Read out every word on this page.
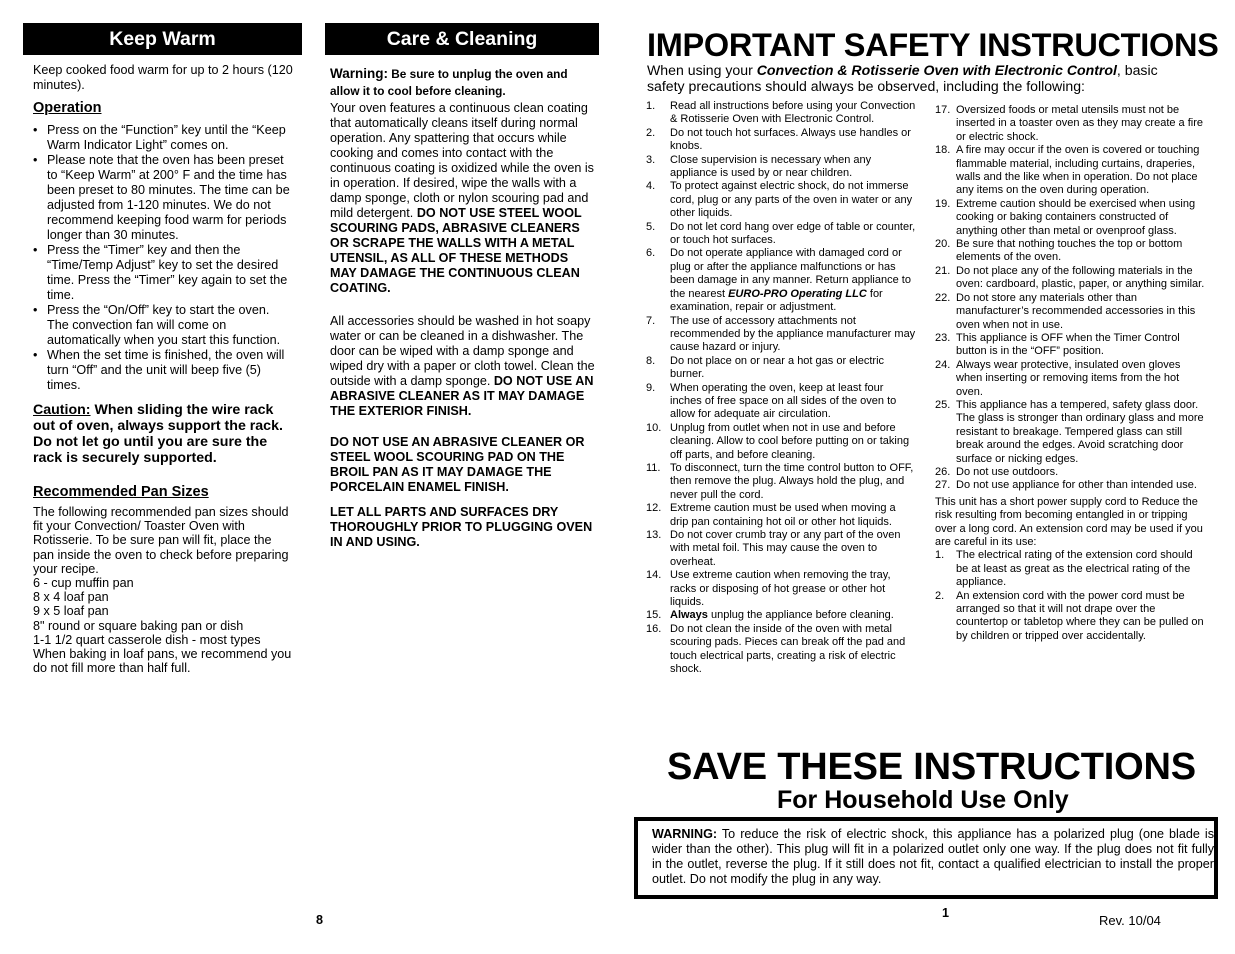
Keep Warm

Keep cooked food warm for up to 2 hours (120 minutes).

Operation

• Press on the “Function” key until the “Keep Warm Indicator Light” comes on.
• Please note that the oven has been preset to “Keep Warm” at 200° F and the time has been preset to 80 minutes. The time can be adjusted from 1-120 minutes. We do not recommend keeping food warm for periods longer than 30 minutes.
• Press the “Timer” key and then the “Time/Temp Adjust” key to set the desired time. Press the “Timer” key again to set the time.
• Press the “On/Off” key to start the oven. The convection fan will come on automatically when you start this function.
• When the set time is finished, the oven will turn “Off” and the unit will beep five (5) times.

Caution: When sliding the wire rack out of oven, always support the rack. Do not let go until you are sure the rack is securely supported.

Recommended Pan Sizes

The following recommended pan sizes should fit your Convection/ Toaster Oven with Rotisserie. To be sure pan will fit, place the pan inside the oven to check before preparing your recipe.

6 - cup muffin pan
8 x 4 loaf pan
9 x 5 loaf pan
8" round or square baking pan or dish
1-1 1/2 quart casserole dish - most types

When baking in loaf pans, we recommend you do not fill more than half full.

Care & Cleaning

Warning: Be sure to unplug the oven and allow it to cool before cleaning.

Your oven features a continuous clean coating that automatically cleans itself during normal operation. Any spattering that occurs while cooking and comes into contact with the continuous coating is oxidized while the oven is in operation. If desired, wipe the walls with a damp sponge, cloth or nylon scouring pad and mild detergent. DO NOT USE STEEL WOOL SCOURING PADS, ABRASIVE CLEANERS OR SCRAPE THE WALLS WITH A METAL UTENSIL, AS ALL OF THESE METHODS MAY DAMAGE THE CONTINUOUS CLEAN COATING.

All accessories should be washed in hot soapy water or can be cleaned in a dishwasher. The door can be wiped with a damp sponge and wiped dry with a paper or cloth towel. Clean the outside with a damp sponge. DO NOT USE AN ABRASIVE CLEANER AS IT MAY DAMAGE THE EXTERIOR FINISH.

DO NOT USE AN ABRASIVE CLEANER OR STEEL WOOL SCOURING PAD ON THE BROIL PAN AS IT MAY DAMAGE THE PORCELAIN ENAMEL FINISH.

LET ALL PARTS AND SURFACES DRY THOROUGHLY PRIOR TO PLUGGING OVEN IN AND USING.

IMPORTANT SAFETY INSTRUCTIONS

When using your Convection & Rotisserie Oven with Electronic Control, basic safety precautions should always be observed, including the following:

1. Read all instructions before using your Convection & Rotisserie Oven with Electronic Control.
2. Do not touch hot surfaces. Always use handles or knobs.
3. Close supervision is necessary when any appliance is used by or near children.
4. To protect against electric shock, do not immerse cord, plug or any parts of the oven in water or any other liquids.
5. Do not let cord hang over edge of table or counter, or touch hot surfaces.
6. Do not operate appliance with damaged cord or plug or after the appliance malfunctions or has been damage in any manner. Return appliance to the nearest EURO-PRO Operating LLC for examination, repair or adjustment.
7. The use of accessory attachments not recommended by the appliance manufacturer may cause hazard or injury.
8. Do not place on or near a hot gas or electric burner.
9. When operating the oven, keep at least four inches of free space on all sides of the oven to allow for adequate air circulation.
10. Unplug from outlet when not in use and before cleaning. Allow to cool before putting on or taking off parts, and before cleaning.
11. To disconnect, turn the time control button to OFF, then remove the plug. Always hold the plug, and never pull the cord.
12. Extreme caution must be used when moving a drip pan containing hot oil or other hot liquids.
13. Do not cover crumb tray or any part of the oven with metal foil. This may cause the oven to overheat.
14. Use extreme caution when removing the tray, racks or disposing of hot grease or other hot liquids.
15. Always unplug the appliance before cleaning.
16. Do not clean the inside of the oven with metal scouring pads. Pieces can break off the pad and touch electrical parts, creating a risk of electric shock.
17. Oversized foods or metal utensils must not be inserted in a toaster oven as they may create a fire or electric shock.
18. A fire may occur if the oven is covered or touching flammable material, including curtains, draperies, walls and the like when in operation. Do not place any items on the oven during operation.
19. Extreme caution should be exercised when using cooking or baking containers constructed of anything other than metal or ovenproof glass.
20. Be sure that nothing touches the top or bottom elements of the oven.
21. Do not place any of the following materials in the oven: cardboard, plastic, paper, or anything similar.
22. Do not store any materials other than manufacturer’s recommended accessories in this oven when not in use.
23. This appliance is OFF when the Timer Control button is in the “OFF” position.
24. Always wear protective, insulated oven gloves when inserting or removing items from the hot oven.
25. This appliance has a tempered, safety glass door. The glass is stronger than ordinary glass and more resistant to breakage. Tempered glass can still break around the edges. Avoid scratching door surface or nicking edges.
26. Do not use outdoors.
27. Do not use appliance for other than intended use.

This unit has a short power supply cord to Reduce the risk resulting from becoming entangled in or tripping over a long cord. An extension cord may be used if you are careful in its use:

1. The electrical rating of the extension cord should be at least as great as the electrical rating of the appliance.
2. An extension cord with the power cord must be arranged so that it will not drape over the countertop or tabletop where they can be pulled on by children or tripped over accidentally.
SAVE THESE INSTRUCTIONS
For Household Use Only

WARNING: To reduce the risk of electric shock, this appliance has a polarized plug (one blade is wider than the other). This plug will fit in a polarized outlet only one way. If the plug does not fit fully in the outlet, reverse the plug. If it still does not fit, contact a qualified electrician to install the proper outlet. Do not modify the plug in any way.

8	1	Rev. 10/04
